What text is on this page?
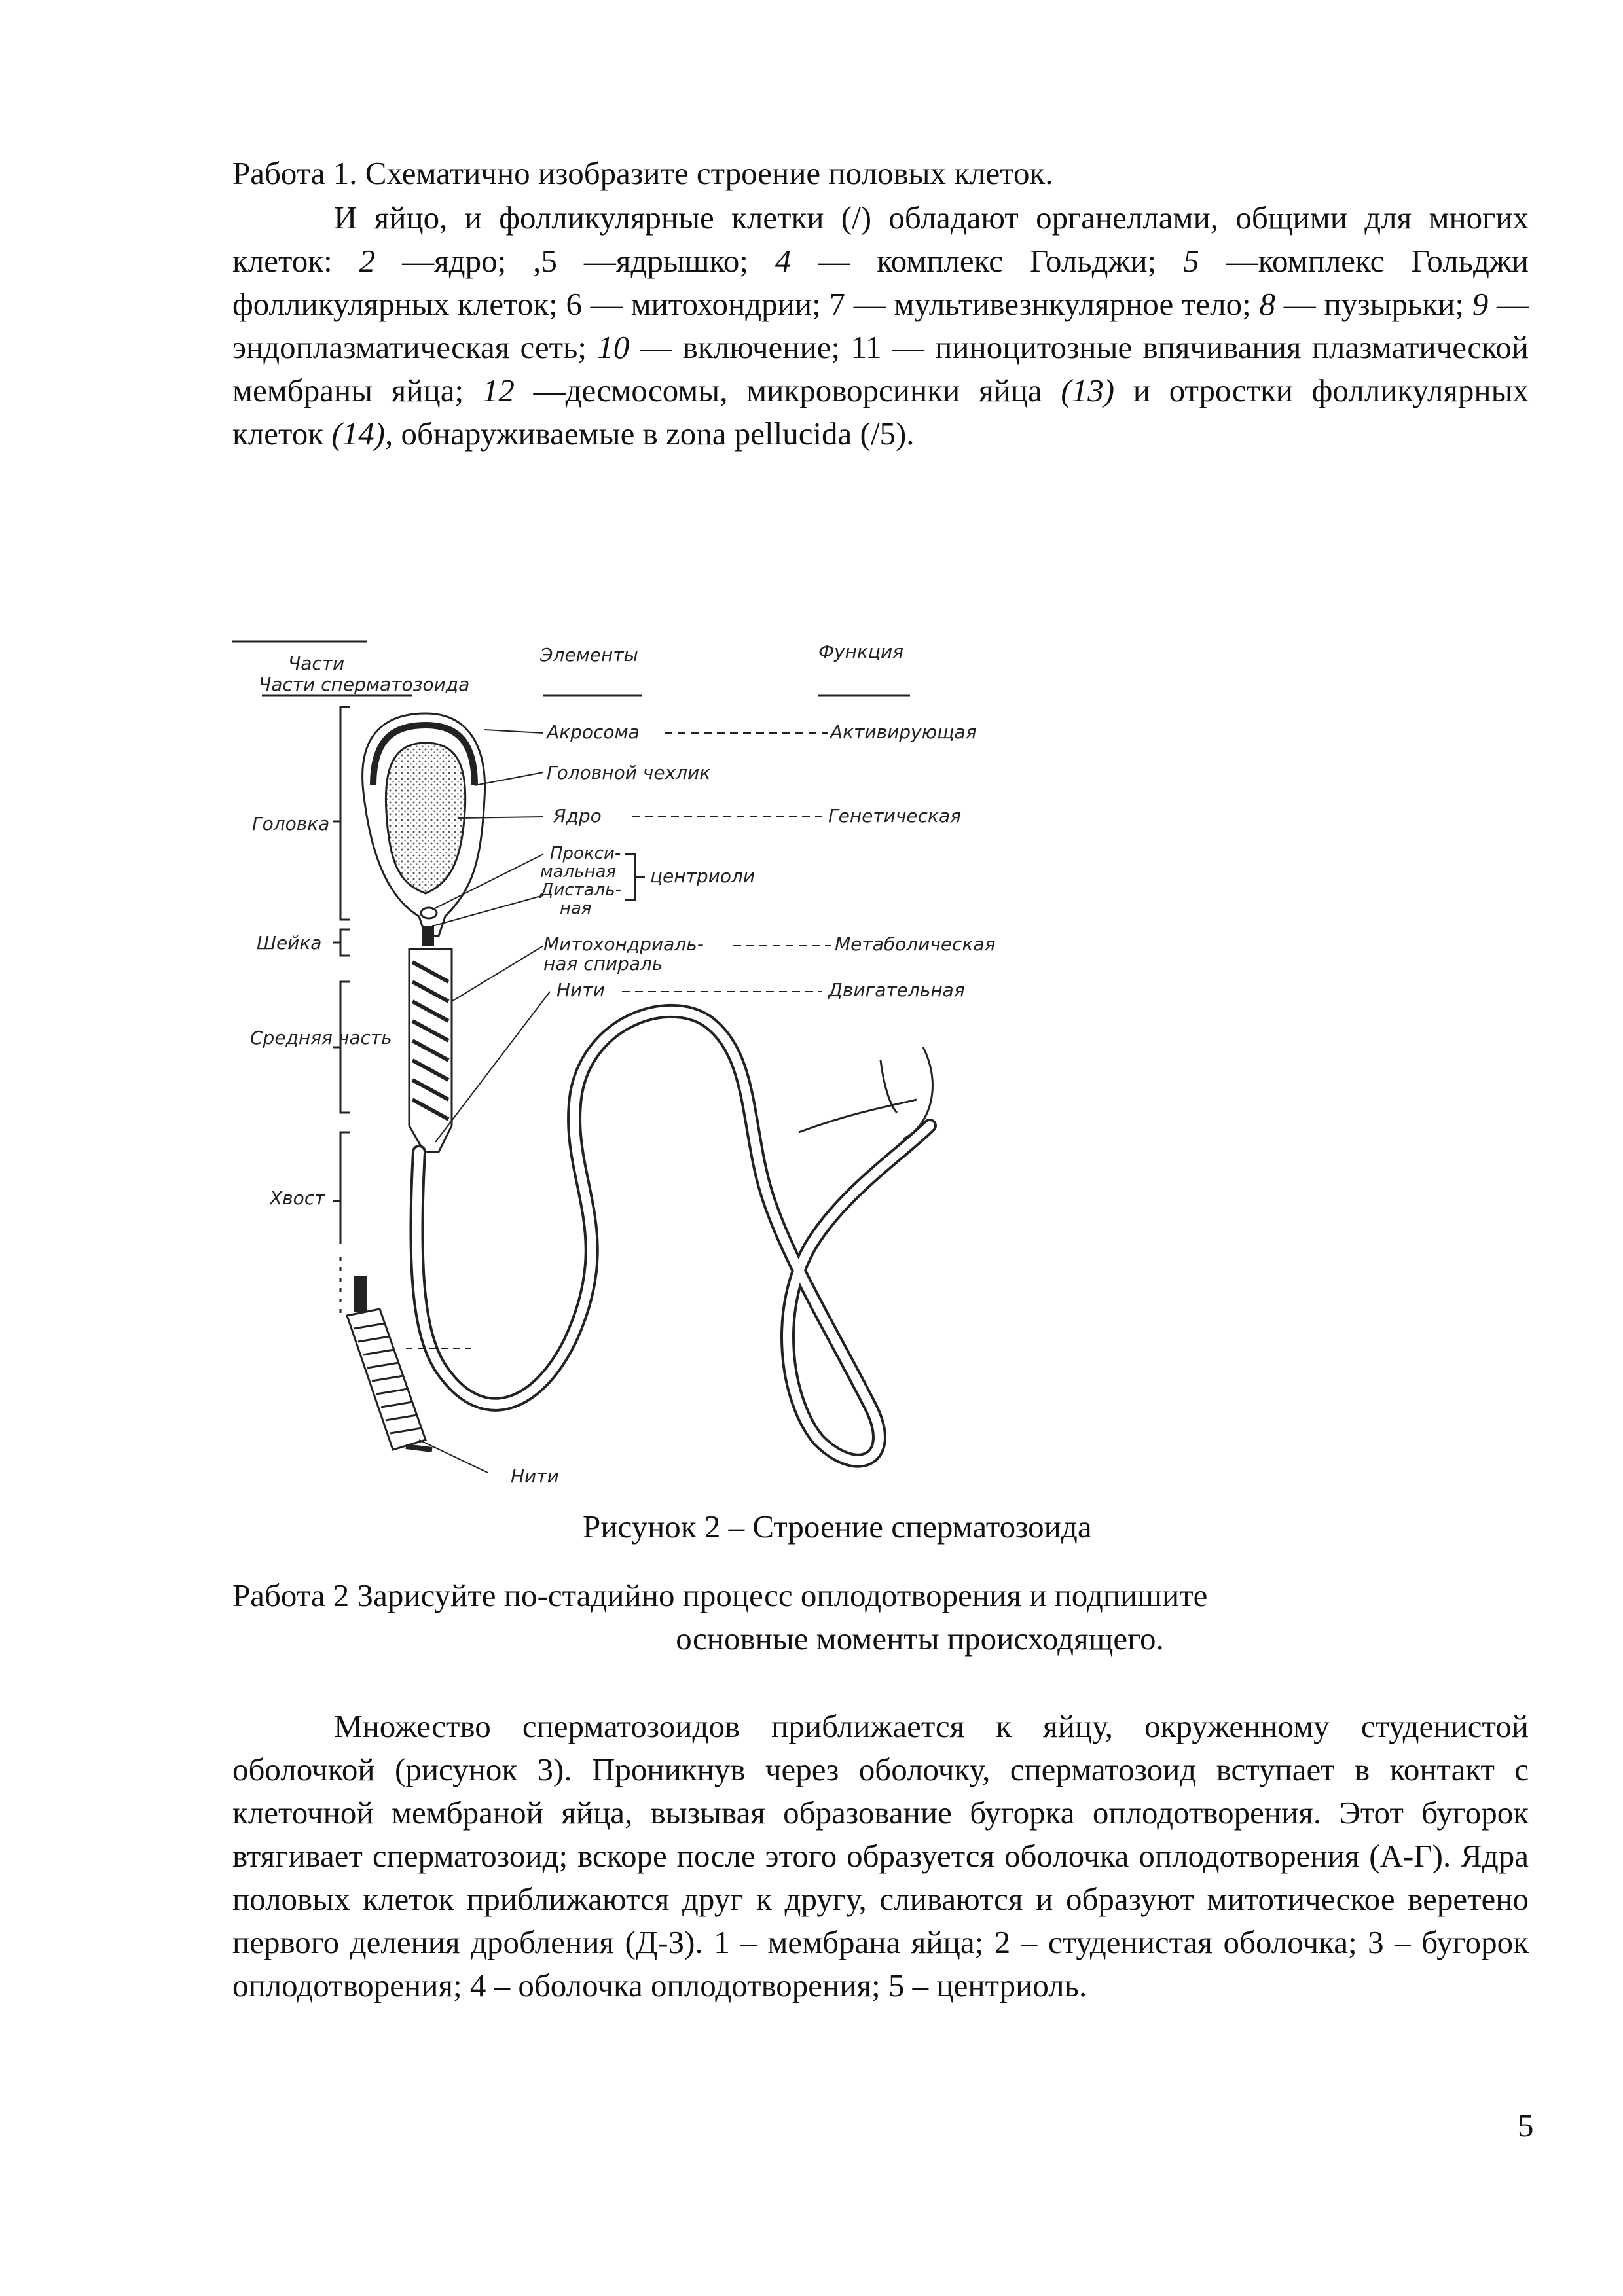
Работа 1. Схематично изобразите строение половых клеток.

И яйцо, и фолликулярные клетки (/) обладают органеллами, общими для многих клеток: 2 —ядро; ,5 —ядрышко; 4 — комплекс Гольджи; 5 —комплекс Гольджи фолликулярных клеток; 6 — митохондрии; 7 — мультивезнкулярное тело; 8 — пузырьки; 9 — эндоплазматическая сеть; 10 — включение; 11 — пиноцитозные впячивания плазматической мембраны яйца; 12 —десмосомы, микроворсинки яйца (13) и отростки фолликулярных клеток (14), обнаруживаемые в zona pellucida (/5).

Части
Части сперматозоида
Элементы	Функция
Головка
Шейка
Средняя часть
Хвост
Акросома
Головной чехлик
Ядро
Прокси-
мальная
Дисталь-
ная
центриоли
Митохондриаль-
ная спираль
Нити
Нити
Активирующая
Генетическая
Метаболическая
Двигательная

Рисунок 2 – Строение сперматозоида

Работа 2 Зарисуйте по-стадийно процесс оплодотворения и подпишите

основные моменты происходящего.

Множество сперматозоидов приближается к яйцу, окруженному студенистой оболочкой (рисунок 3). Проникнув через оболочку, сперматозоид вступает в контакт с клеточной мембраной яйца, вызывая образование бугорка оплодотворения. Этот бугорок втягивает сперматозоид; вскоре после этого образуется оболочка оплодотворения (А-Г). Ядра половых клеток приближаются друг к другу, сливаются и образуют митотическое веретено первого деления дробления (Д-З). 1 – мембрана яйца; 2 – студенистая оболочка; 3 – бугорок оплодотворения; 4 – оболочка оплодотворения; 5 – центриоль.

5
